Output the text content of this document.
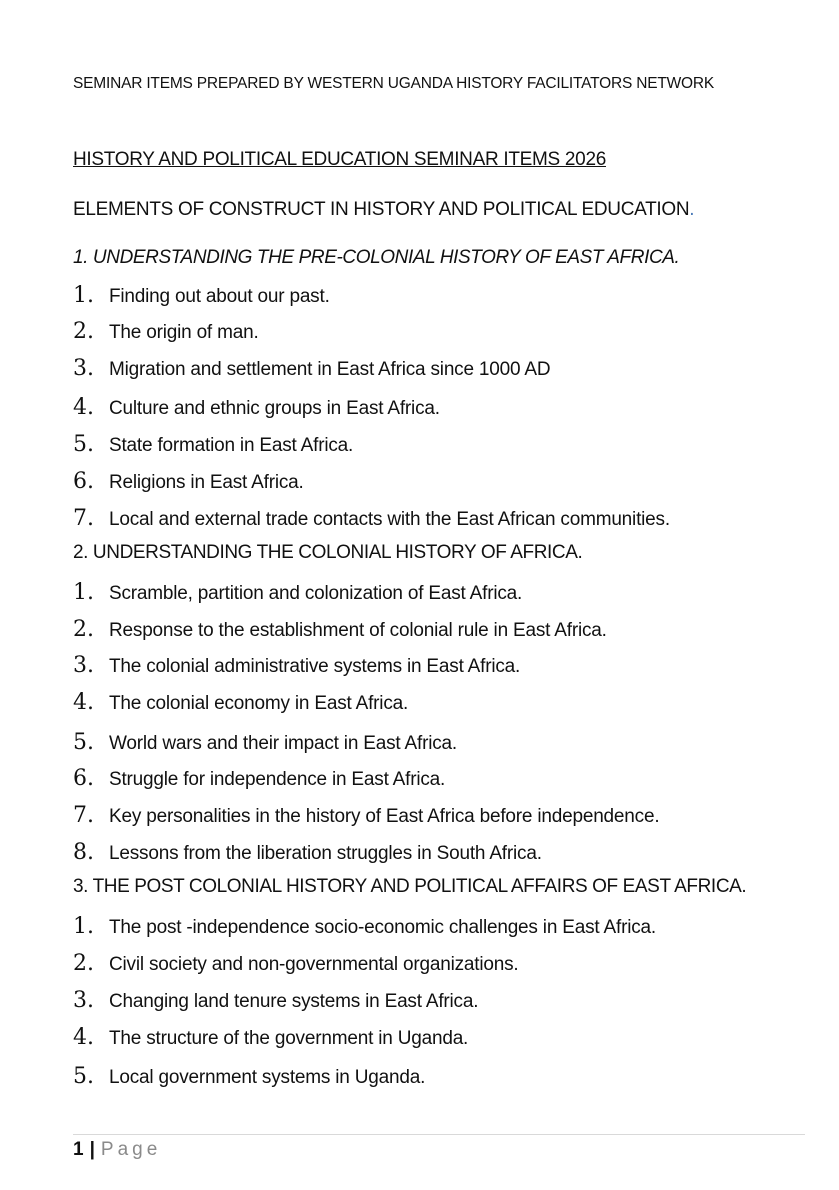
SEMINAR ITEMS PREPARED BY WESTERN UGANDA HISTORY FACILITATORS NETWORK
HISTORY AND POLITICAL EDUCATION SEMINAR ITEMS 2026
ELEMENTS OF CONSTRUCT IN HISTORY AND POLITICAL EDUCATION.
1. UNDERSTANDING THE PRE-COLONIAL HISTORY OF EAST AFRICA.
1. Finding out about our past.
2. The origin of man.
3. Migration and settlement in East Africa since 1000 AD
4. Culture and ethnic groups in East Africa.
5. State formation in East Africa.
6. Religions in East Africa.
7. Local and external trade contacts with the East African communities.
2. UNDERSTANDING THE COLONIAL HISTORY OF AFRICA.
1. Scramble, partition and colonization of East Africa.
2. Response to the establishment of colonial rule in East Africa.
3. The colonial administrative systems in East Africa.
4. The colonial economy in East Africa.
5. World wars and their impact in East Africa.
6. Struggle for independence in East Africa.
7. Key personalities in the history of East Africa before independence.
8. Lessons from the liberation struggles in South Africa.
3. THE POST COLONIAL HISTORY AND POLITICAL AFFAIRS OF EAST AFRICA.
1. The post -independence socio-economic challenges in East Africa.
2. Civil society and non-governmental organizations.
3. Changing land tenure systems in East Africa.
4. The structure of the government in Uganda.
5. Local government systems in Uganda.
1 | Page
